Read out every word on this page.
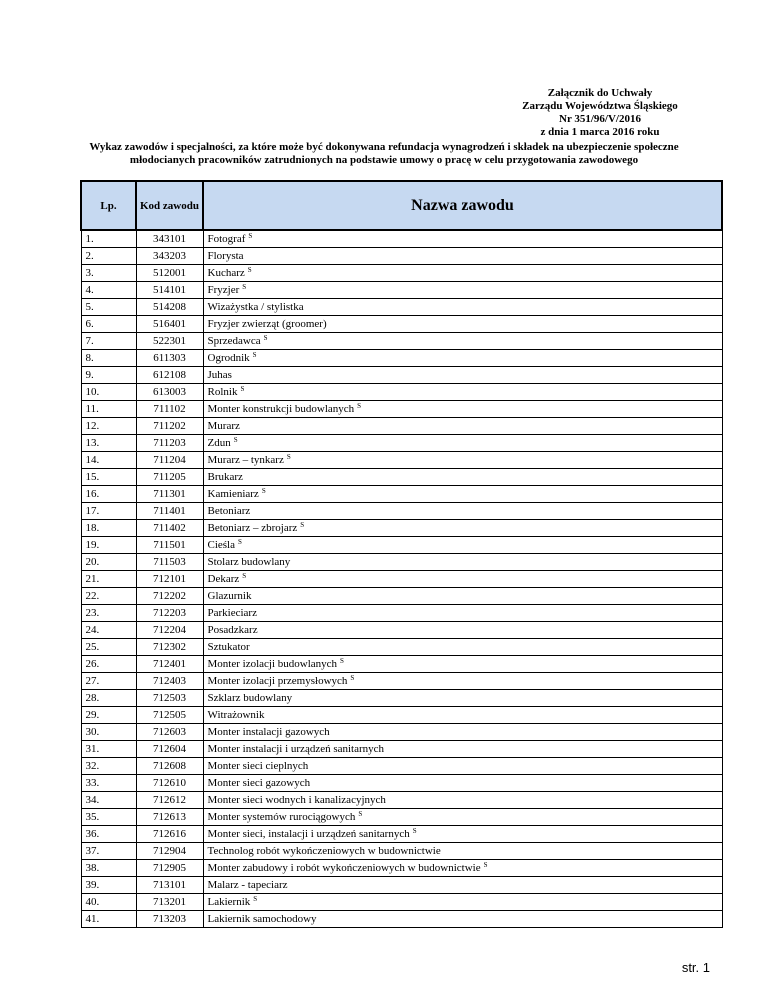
Załącznik do Uchwały
Zarządu Województwa Śląskiego
Nr 351/96/V/2016
z dnia 1 marca 2016 roku
Wykaz zawodów i specjalności, za które może być dokonywana refundacja wynagrodzeń i składek na ubezpieczenie społeczne
młodocianych pracowników zatrudnionych na podstawie umowy o pracę w celu przygotowania zawodowego
Lp.	Kod zawodu	Nazwa zawodu
1.	343101	Fotograf $^S$
2.	343203	Florysta
3.	512001	Kucharz $^S$
4.	514101	Fryzjer $^S$
5.	514208	Wizażystka / stylistka
6.	516401	Fryzjer zwierząt (groomer)
7.	522301	Sprzedawca $^S$
8.	611303	Ogrodnik $^S$
9.	612108	Juhas
10.	613003	Rolnik $^S$
11.	711102	Monter konstrukcji budowlanych $^S$
12.	711202	Murarz
13.	711203	Zdun $^S$
14.	711204	Murarz – tynkarz $^S$
15.	711205	Brukarz
16.	711301	Kamieniarz $^S$
17.	711401	Betoniarz
18.	711402	Betoniarz – zbrojarz $^S$
19.	711501	Cieśla $^S$
20.	711503	Stolarz budowlany
21.	712101	Dekarz $^S$
22.	712202	Glazurnik
23.	712203	Parkieciarz
24.	712204	Posadzkarz
25.	712302	Sztukator
26.	712401	Monter izolacji budowlanych $^S$
27.	712403	Monter izolacji przemysłowych $^S$
28.	712503	Szklarz budowlany
29.	712505	Witrażownik
30.	712603	Monter instalacji gazowych
31.	712604	Monter instalacji i urządzeń sanitarnych
32.	712608	Monter sieci cieplnych
33.	712610	Monter sieci gazowych
34.	712612	Monter sieci wodnych i kanalizacyjnych
35.	712613	Monter systemów rurociągowych $^S$
36.	712616	Monter sieci, instalacji i urządzeń sanitarnych $^S$
37.	712904	Technolog robót wykończeniowych w budownictwie
38.	712905	Monter zabudowy i robót wykończeniowych w budownictwie $^S$
39.	713101	Malarz - tapeciarz
40.	713201	Lakiernik $^S$
41.	713203	Lakiernik samochodowy
str. 1
